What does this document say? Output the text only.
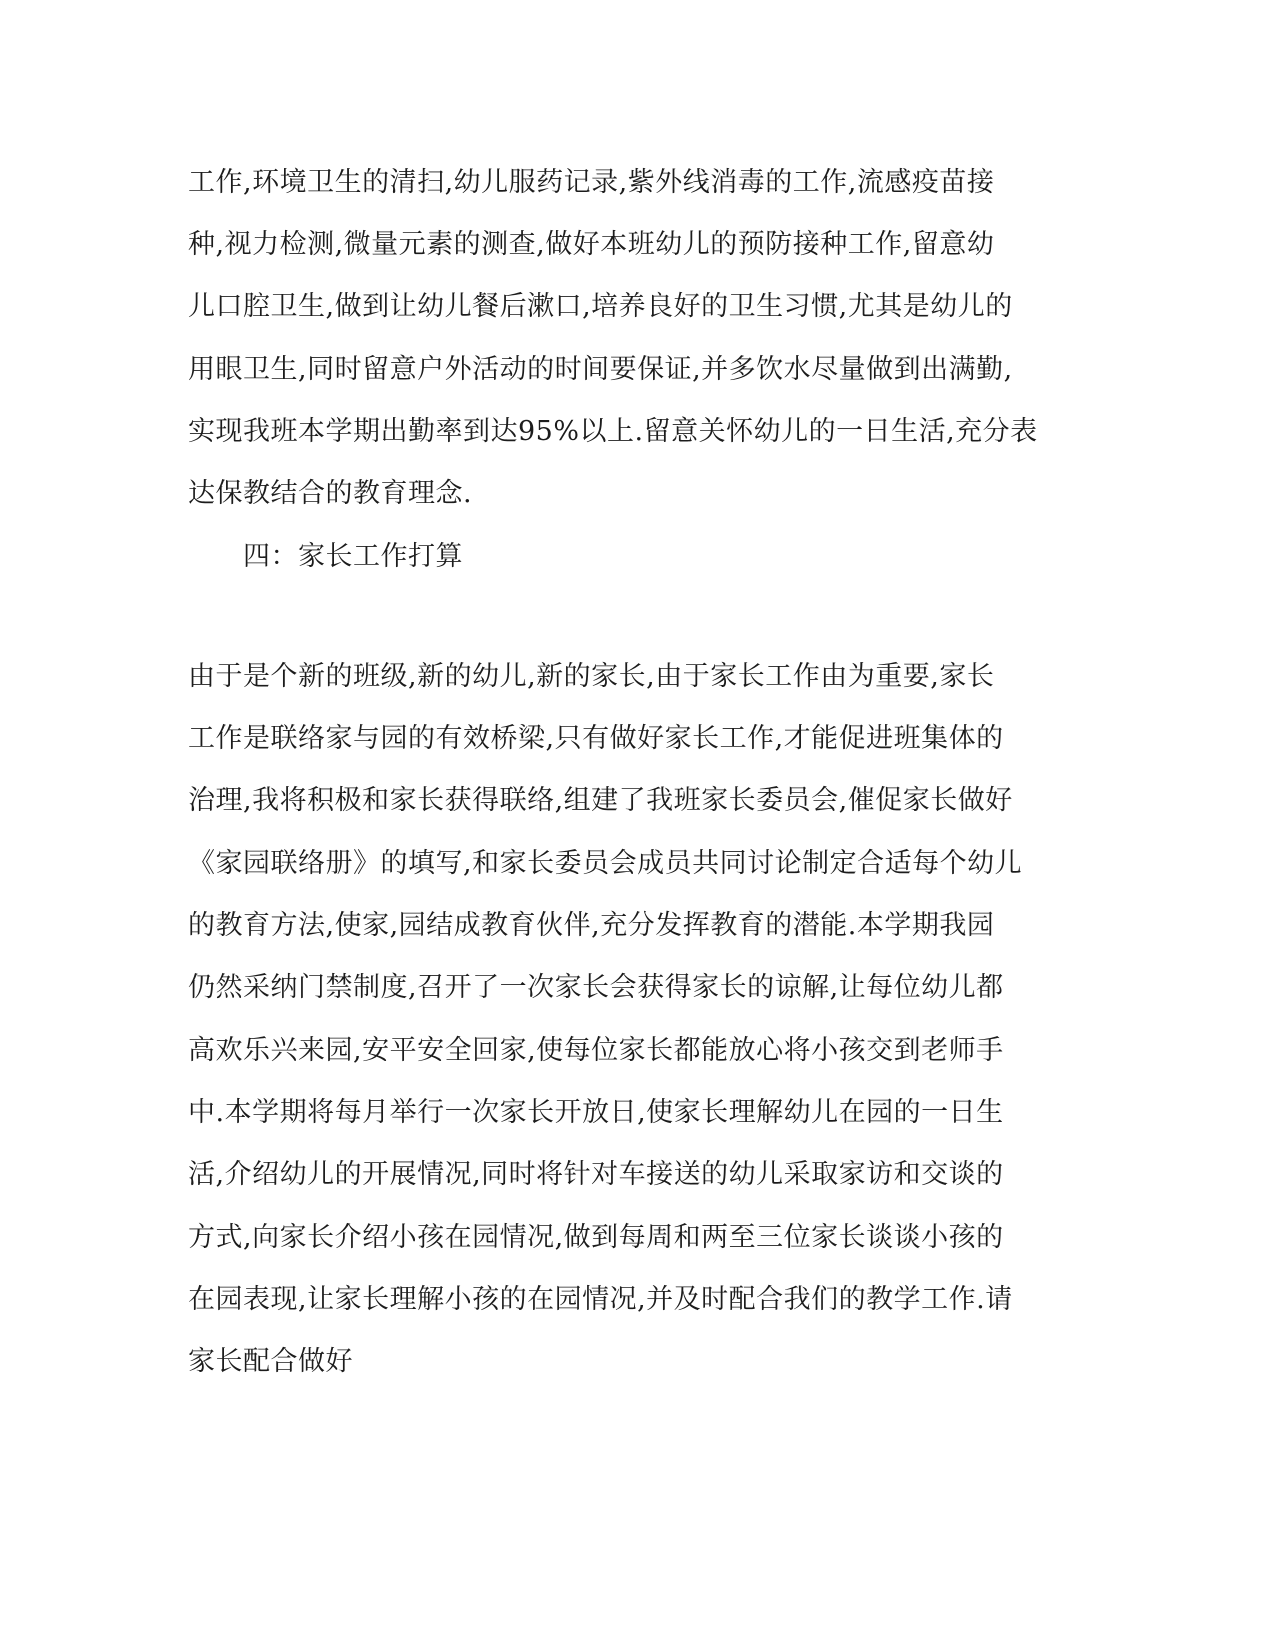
工作,环境卫生的清扫,幼儿服药记录,紫外线消毒的工作,流感疫苗接
种,视力检测,微量元素的测查,做好本班幼儿的预防接种工作,留意幼
儿口腔卫生,做到让幼儿餐后漱口,培养良好的卫生习惯,尤其是幼儿的
用眼卫生,同时留意户外活动的时间要保证,并多饮水尽量做到出满勤,
实现我班本学期出勤率到达95%以上.留意关怀幼儿的一日生活,充分表
达保教结合的教育理念.
四：家长工作打算
由于是个新的班级,新的幼儿,新的家长,由于家长工作由为重要,家长
工作是联络家与园的有效桥梁,只有做好家长工作,才能促进班集体的
治理,我将积极和家长获得联络,组建了我班家长委员会,催促家长做好
《家园联络册》的填写,和家长委员会成员共同讨论制定合适每个幼儿
的教育方法,使家,园结成教育伙伴,充分发挥教育的潜能.本学期我园
仍然采纳门禁制度,召开了一次家长会获得家长的谅解,让每位幼儿都
高欢乐兴来园,安平安全回家,使每位家长都能放心将小孩交到老师手
中.本学期将每月举行一次家长开放日,使家长理解幼儿在园的一日生
活,介绍幼儿的开展情况,同时将针对车接送的幼儿采取家访和交谈的
方式,向家长介绍小孩在园情况,做到每周和两至三位家长谈谈小孩的
在园表现,让家长理解小孩的在园情况,并及时配合我们的教学工作.请
家长配合做好
